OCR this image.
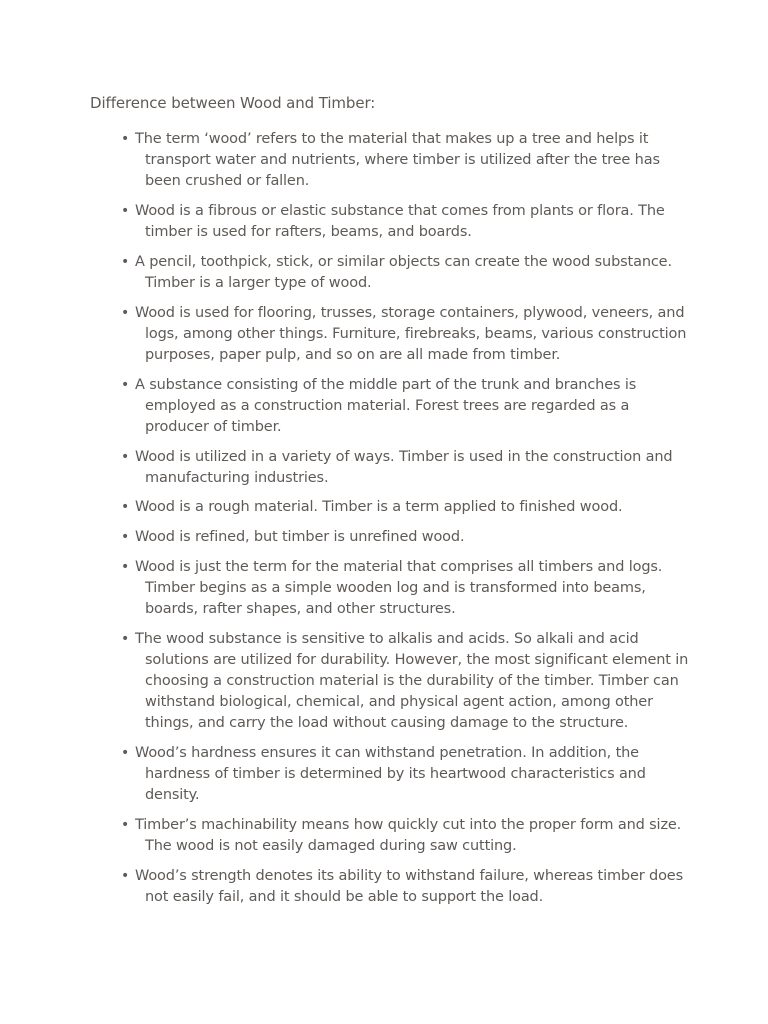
Difference between Wood and Timber:
• The term ‘wood’ refers to the material that makes up a tree and helps it transport water and nutrients, where timber is utilized after the tree has been crushed or fallen.
• Wood is a fibrous or elastic substance that comes from plants or flora. The timber is used for rafters, beams, and boards.
• A pencil, toothpick, stick, or similar objects can create the wood substance. Timber is a larger type of wood.
• Wood is used for flooring, trusses, storage containers, plywood, veneers, and logs, among other things. Furniture, firebreaks, beams, various construction purposes, paper pulp, and so on are all made from timber.
• A substance consisting of the middle part of the trunk and branches is employed as a construction material. Forest trees are regarded as a producer of timber.
• Wood is utilized in a variety of ways. Timber is used in the construction and manufacturing industries.
• Wood is a rough material. Timber is a term applied to finished wood.
• Wood is refined, but timber is unrefined wood.
• Wood is just the term for the material that comprises all timbers and logs. Timber begins as a simple wooden log and is transformed into beams, boards, rafter shapes, and other structures.
• The wood substance is sensitive to alkalis and acids. So alkali and acid solutions are utilized for durability. However, the most significant element in choosing a construction material is the durability of the timber. Timber can withstand biological, chemical, and physical agent action, among other things, and carry the load without causing damage to the structure.
• Wood’s hardness ensures it can withstand penetration. In addition, the hardness of timber is determined by its heartwood characteristics and density.
• Timber’s machinability means how quickly cut into the proper form and size. The wood is not easily damaged during saw cutting.
• Wood’s strength denotes its ability to withstand failure, whereas timber does not easily fail, and it should be able to support the load.
